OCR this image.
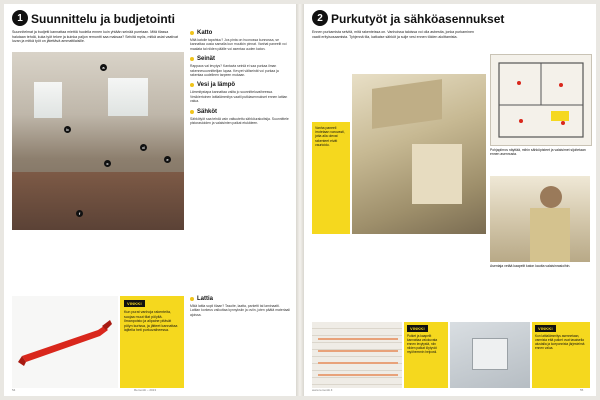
1 Suunnittelu ja budjetointi
Suunnitelmat ja budjetti kannattaa miettiä huolella ennen kuin yhtään seinää puretaan. Mitä tilassa halutaan tehdä, kuka työt tekee ja kuinka paljon remontti saa maksaa? Selvitä myös, mitkä asiat vaativat luvan ja mitkä työt on jätettävä ammattilaisille.
a
b
c
d
e
f
Katto
Mitä katolle tapahtuu? Jos pinta on huonossa kunnossa, se kannattaa uusia samalla kun muutkin pinnat. Vanhat paneelit voi maalata tai niiden päälle voi asentaa uuden katon.
Seinät
Rappaus vai levytys? Kantavia seiniä ei saa purkaa ilman rakennesuunnittelijan lupaa. Kevyet väliseinät voi purkaa ja rakentaa uudelleen tarpeen mukaan.
Vesi ja lämpö
Lämmitystapa kannattaa valita jo suunnitteluvaiheessa. Vesikiertoinen lattialämmitys vaatii putkiasennukset ennen lattian valua.
Sähköt
Sähkötyöt saa tehdä vain valtuutettu sähköurakoitsija. Suunnittele pistorasioiden ja valaisinten paikat etukäteen.
VINKKI
Kun purat vanhoja rakenteita, suojaa muut tilat pölyltä. Ilmanpoisto ja alipaine pitävät pölyn kurissa, ja jätteet kannattaa lajitella heti purkuvaiheessa.
Lattia
Mikä lattia sopii tilaan? Tasoite, laatta, parketti tai laminaatti. Lattian korkeus vaikuttaa kynnyksiin ja oviin, joten päätä materiaali ajoissa.
54	Remontti – 2013
2 Purkutyöt ja sähköasennukset
Ennen purkamista selvitä, mitä rakenteissa on. Vanhoissa taloissa voi olla asbestia, jonka purkaminen vaatii erityisosaamista. Tyhjennä tila, katkaise sähköt ja sulje vesi ennen töiden aloittamista.
Vanha paneeli irrotetaan varovasti, jotta alla olevat rakenteet eivät vaurioidu.
Pohjapiirros näyttää, mihin sähköpisteet ja valaisimet sijoitetaan ennen asennusta.
Asentaja vetää kaapelit katon kautta valaisinrasioihin.
VINKKI
Putket ja kaapelit kannattaa valokuvata ennen levytystä, niin niiden paikat löytyvät myöhemmin helposti.
VINKKI
Kun lattialämmitys asennetaan, varmista että putket ovat tasaisella alustalla ja koeponnista järjestelmä ennen valua.
www.remontti.fi	55
